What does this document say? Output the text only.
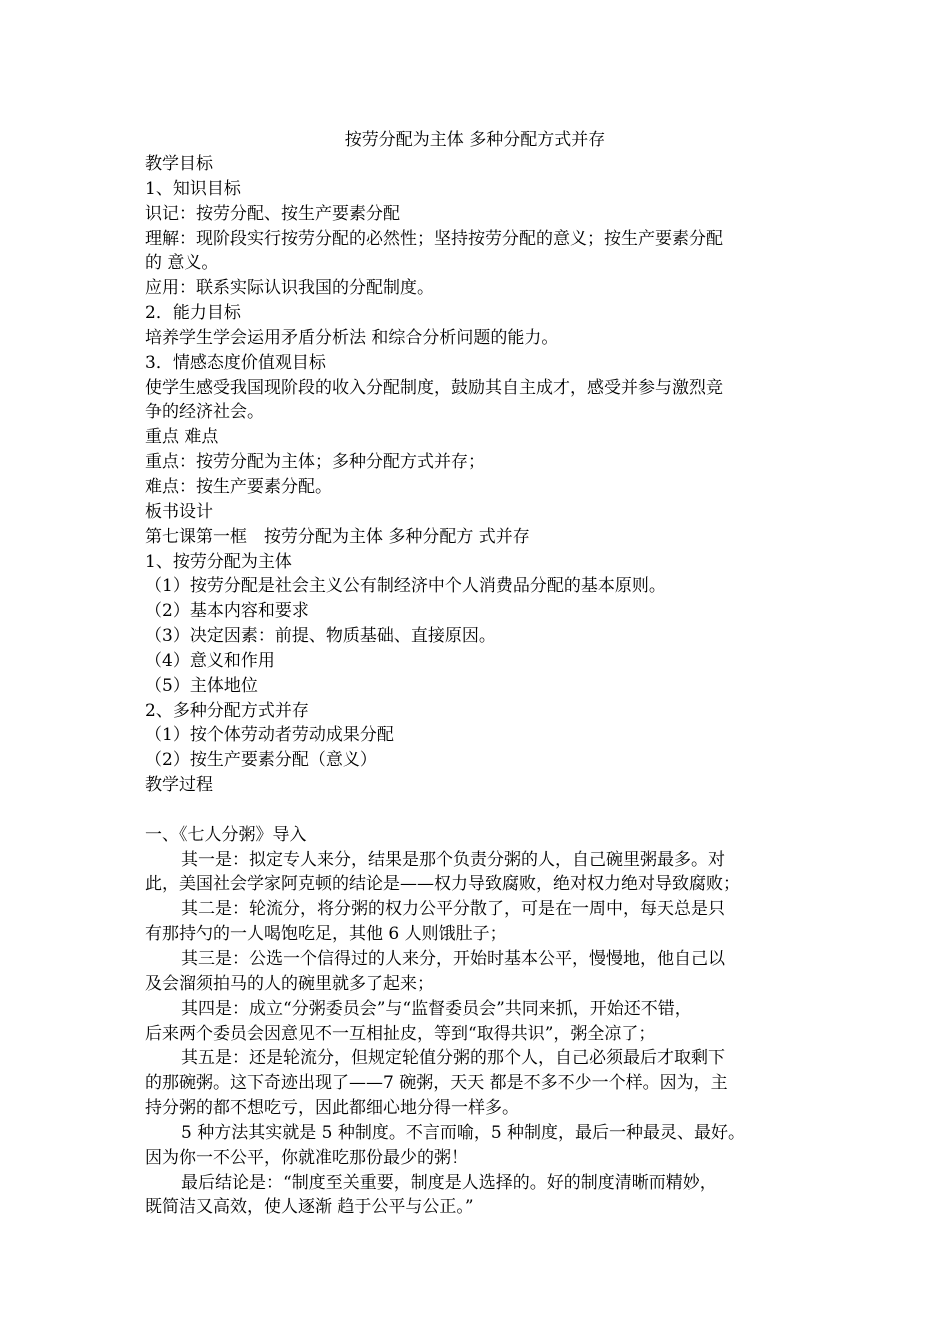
按劳分配为主体 多种分配方式并存
教学目标
1、知识目标
识记：按劳分配、按生产要素分配
理解：现阶段实行按劳分配的必然性；坚持按劳分配的意义；按生产要素分配
的 意义。
应用：联系实际认识我国的分配制度。
2．能力目标
培养学生学会运用矛盾分析法 和综合分析问题的能力。
3．情感态度价值观目标
使学生感受我国现阶段的收入分配制度，鼓励其自主成才，感受并参与激烈竞
争的经济社会。
重点 难点
重点：按劳分配为主体；多种分配方式并存；
难点：按生产要素分配。
板书设计
第七课第一框　按劳分配为主体 多种分配方 式并存
1、按劳分配为主体
（1）按劳分配是社会主义公有制经济中个人消费品分配的基本原则。
（2）基本内容和要求
（3）决定因素：前提、物质基础、直接原因。
（4）意义和作用
（5）主体地位
2、多种分配方式并存
（1）按个体劳动者劳动成果分配
（2）按生产要素分配（意义）
教学过程
一、《七人分粥》导入
其一是：拟定专人来分，结果是那个负责分粥的人，自己碗里粥最多。对
此，美国社会学家阿克顿的结论是——权力导致腐败，绝对权力绝对导致腐败；
其二是：轮流分，将分粥的权力公平分散了，可是在一周中，每天总是只
有那持勺的一人喝饱吃足，其他 6 人则饿肚子；
其三是：公选一个信得过的人来分，开始时基本公平，慢慢地，他自己以
及会溜须拍马的人的碗里就多了起来；
其四是：成立“分粥委员会”与“监督委员会”共同来抓，开始还不错，
后来两个委员会因意见不一互相扯皮，等到“取得共识”，粥全凉了；
其五是：还是轮流分，但规定轮值分粥的那个人，自己必须最后才取剩下
的那碗粥。这下奇迹出现了——7 碗粥，天天 都是不多不少一个样。因为，主
持分粥的都不想吃亏，因此都细心地分得一样多。
5 种方法其实就是 5 种制度。不言而喻，5 种制度，最后一种最灵、最好。
因为你一不公平，你就准吃那份最少的粥！
最后结论是：“制度至关重要，制度是人选择的。好的制度清晰而精妙，
既简洁又高效，使人逐渐 趋于公平与公正。”
